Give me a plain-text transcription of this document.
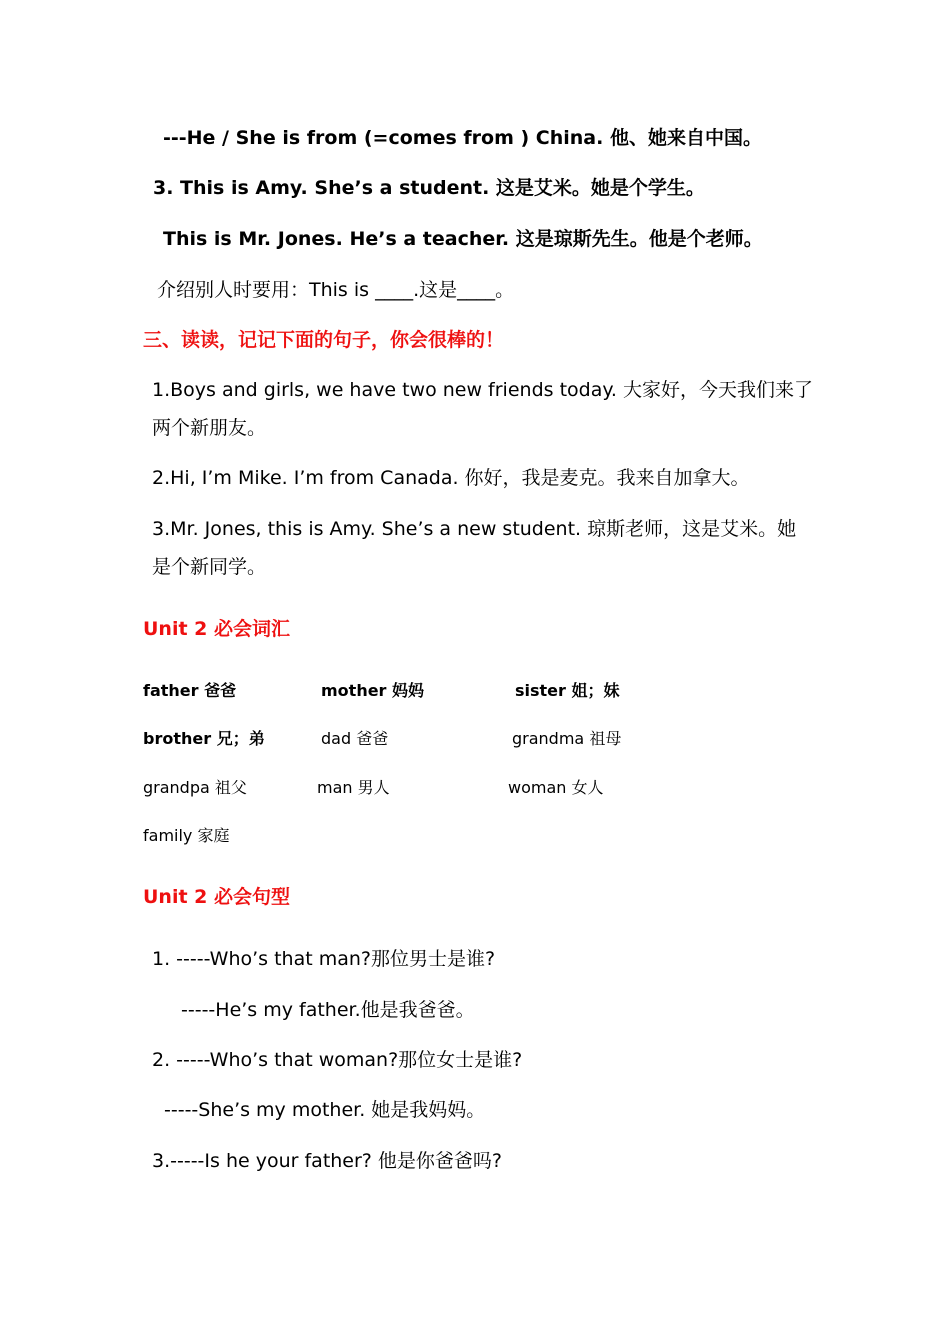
---He / She is from (=comes from ) China. 他、她来自中国。
3. This is Amy. She’s a student. 这是艾米。她是个学生。
This is Mr. Jones. He’s a teacher. 这是琼斯先生。他是个老师。
介绍别人时要用：This is ____.这是____。
三、读读，记记下面的句子，你会很棒的！
1.Boys and girls, we have two new friends today. 大家好，今天我们来了
两个新朋友。
2.Hi, I’m Mike. I’m from Canada. 你好，我是麦克。我来自加拿大。
3.Mr. Jones, this is Amy. She’s a new student. 琼斯老师，这是艾米。她
是个新同学。
Unit 2 必会词汇
father 爸爸	mother 妈妈	sister 姐；妹
brother 兄；弟	dad 爸爸	grandma 祖母
grandpa 祖父	man 男人	woman 女人
family 家庭
Unit 2 必会句型
1. -----Who’s that man?那位男士是谁?
-----He’s my father.他是我爸爸。
2. -----Who’s that woman?那位女士是谁?
-----She’s my mother. 她是我妈妈。
3.-----Is he your father? 他是你爸爸吗?
